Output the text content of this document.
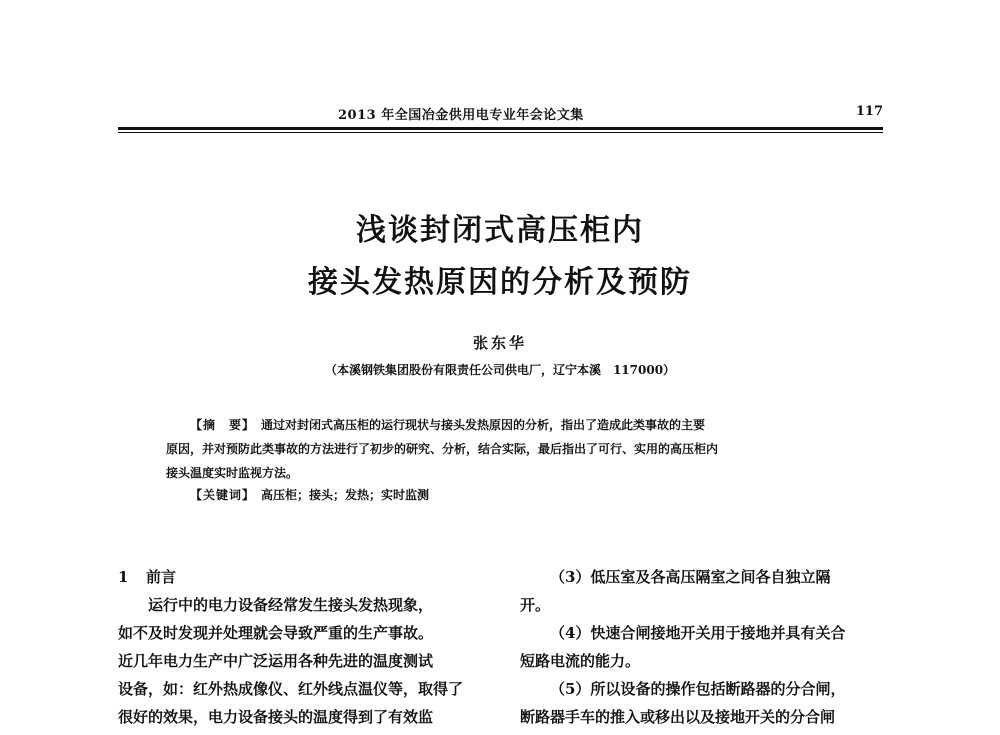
2013 年全国冶金供用电专业年会论文集	117
浅谈封闭式高压柜内
接头发热原因的分析及预防
张东华
（本溪钢铁集团股份有限责任公司供电厂，辽宁本溪　117000）
【摘　要】　 通过对封闭式高压柜的运行现状与接头发热原因的分析，指出了造成此类事故的主要
原因，并对预防此类事故的方法进行了初步的研究、分析，结合实际，最后指出了可行、实用的高压柜内
接头温度实时监视方法。
【关键词】　 高压柜；接头；发热；实时监测
1 前言
运行中的电力设备经常发生接头发热现象，
如不及时发现并处理就会导致严重的生产事故。
近几年电力生产中广泛运用各种先进的温度测试
设备，如：红外热成像仪、红外线点温仪等，取得了
很好的效果，电力设备接头的温度得到了有效监
（3）低压室及各高压隔室之间各自独立隔
开。
（4）快速合闸接地开关用于接地并具有关合
短路电流的能力。
（5）所以设备的操作包括断路器的分合闸，
断路器手车的推入或移出以及接地开关的分合闸
